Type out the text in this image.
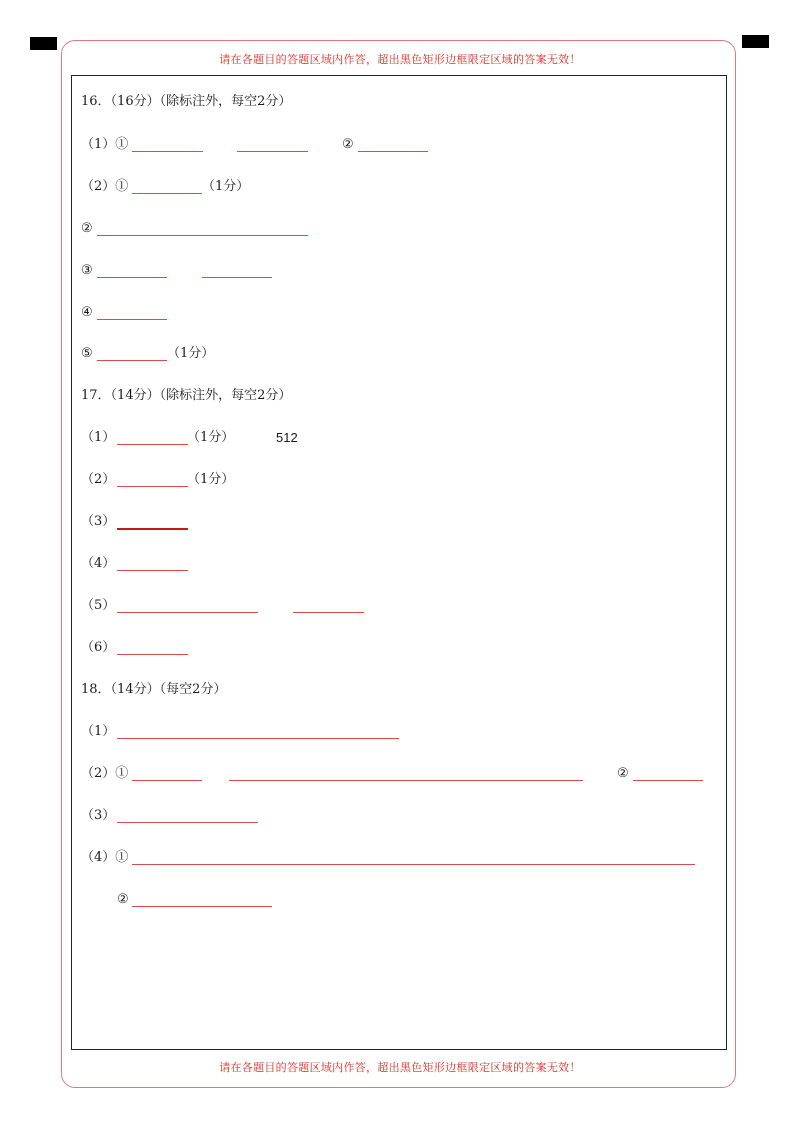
请在各题目的答题区域内作答，超出黑色矩形边框限定区域的答案无效！
请在各题目的答题区域内作答，超出黑色矩形边框限定区域的答案无效！
16．（16分）（除标注外，每空2分）
（1）①	②
（2）①	（1分）
②
③
④
⑤	（1分）
17．（14分）（除标注外，每空2分）
（1）	（1分）	512
（2）	（1分）
（3）
（4）
（5）
（6）
18．（14分）（每空2分）
（1）
（2）①	②
（3）
（4）①
②
